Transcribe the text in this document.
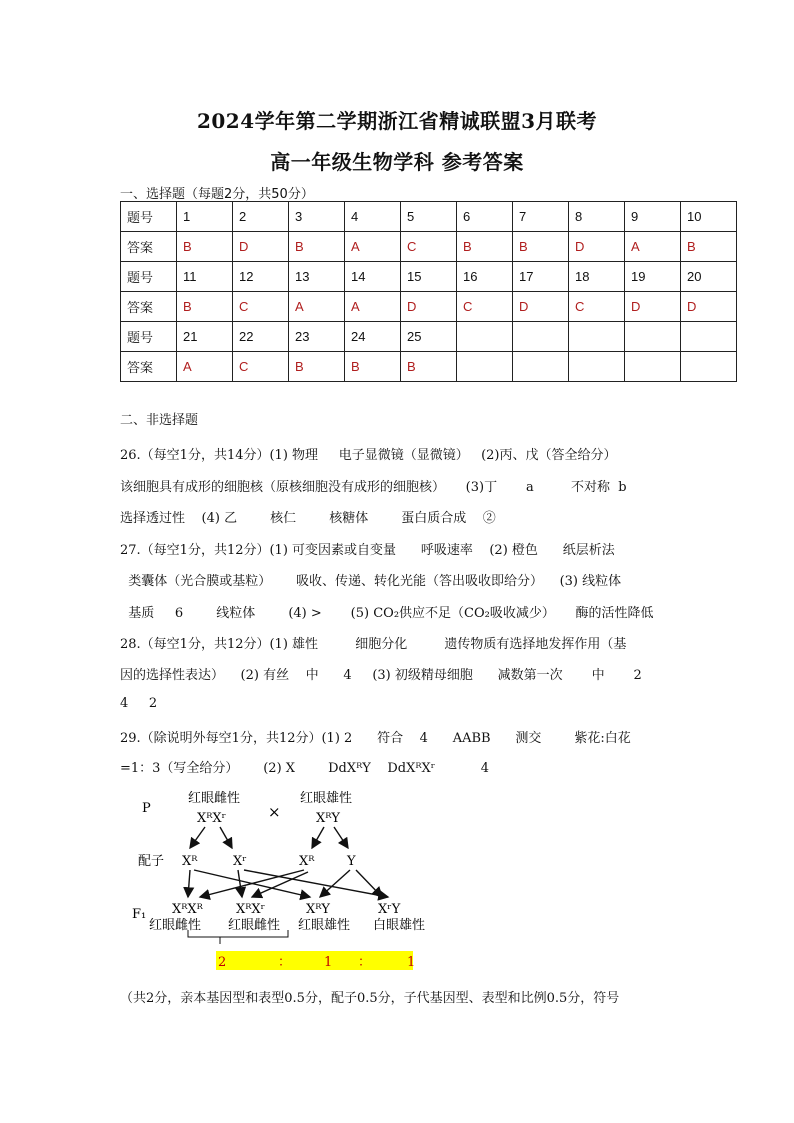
2024学年第二学期浙江省精诚联盟3月联考
高一年级生物学科 参考答案
一、选择题（每题2分，共50分）
题号	1	2	3	4	5	6	7	8	9	10
答案	B	D	B	A	C	B	B	D	A	B
题号	11	12	13	14	15	16	17	18	19	20
答案	B	C	A	A	D	C	D	C	D	D
题号	21	22	23	24	25					
答案	A	C	B	B	B					
二、非选择题
26.（每空1分，共14分）(1) 物理     电子显微镜（显微镜）   (2)丙、戊（答全给分）
该细胞具有成形的细胞核（原核细胞没有成形的细胞核）     (3)丁       a         不对称  b
选择透过性    (4) 乙        核仁        核糖体        蛋白质合成    ②
27.（每空1分，共12分）(1) 可变因素或自变量      呼吸速率    (2) 橙色      纸层析法
类囊体（光合膜或基粒）      吸收、传递、转化光能（答出吸收即给分）    (3) 线粒体
基质     6        线粒体        (4) >       (5) CO₂供应不足（CO₂吸收减少）     酶的活性降低
28.（每空1分，共12分）(1) 雄性         细胞分化         遗传物质有选择地发挥作用（基
因的选择性表达）    (2) 有丝    中      4     (3) 初级精母细胞      减数第一次       中       2
4     2
29.（除说明外每空1分，共12分）(1) 2      符合    4      AABB      测交        紫花:白花
=1：3（写全给分）      (2) X        DdXᴿY    DdXᴿXʳ           4
P
红眼雌性
XᴿXʳ	×
红眼雄性
XᴿY
配子 Xᴿ	Xʳ	Xᴿ	Y
F₁ XᴿXᴿ	XᴿXʳ	XᴿY	XʳY
红眼雌性 红眼雌性 红眼雄性 白眼雄性
2	：	1 ：	1
（共2分，亲本基因型和表型0.5分，配子0.5分，子代基因型、表型和比例0.5分，符号
